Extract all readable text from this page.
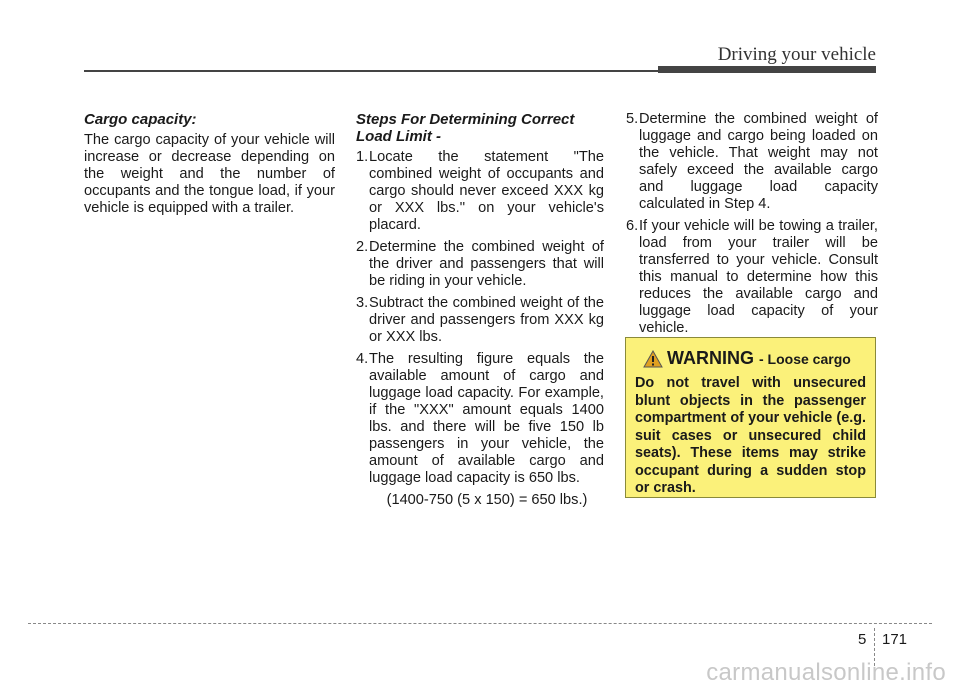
Driving your vehicle

Cargo capacity:

The cargo capacity of your vehicle will increase or decrease depending on the weight and the number of occupants and the tongue load, if your vehicle is equipped with a trailer.

Steps For Determining Correct Load Limit -

1. Locate the statement "The combined weight of occupants and cargo should never exceed XXX kg or XXX lbs.'' on your vehicle's placard.
2. Determine the combined weight of the driver and passengers that will be riding in your vehicle.
3. Subtract the combined weight of the driver and passengers from XXX kg or XXX lbs.
4. The resulting figure equals the available amount of cargo and luggage load capacity. For example, if the "XXX" amount equals 1400 lbs. and there will be five 150 lb passengers in your vehicle, the amount of available cargo and luggage load capacity is 650 lbs.
(1400-750 (5 x 150) = 650 lbs.)
5. Determine the combined weight of luggage and cargo being loaded on the vehicle. That weight may not safely exceed the available cargo and luggage load capacity calculated in Step 4.
6. If your vehicle will be towing a trailer, load from your trailer will be transferred to your vehicle. Consult this manual to determine how this reduces the available cargo and luggage load capacity of your vehicle.
WARNING - Loose cargo

Do not travel with unsecured blunt objects in the passenger compartment of your vehicle (e.g. suit cases or unsecured child seats). These items may strike occupant during a sudden stop or crash.

5 171
carmanualsonline.info
